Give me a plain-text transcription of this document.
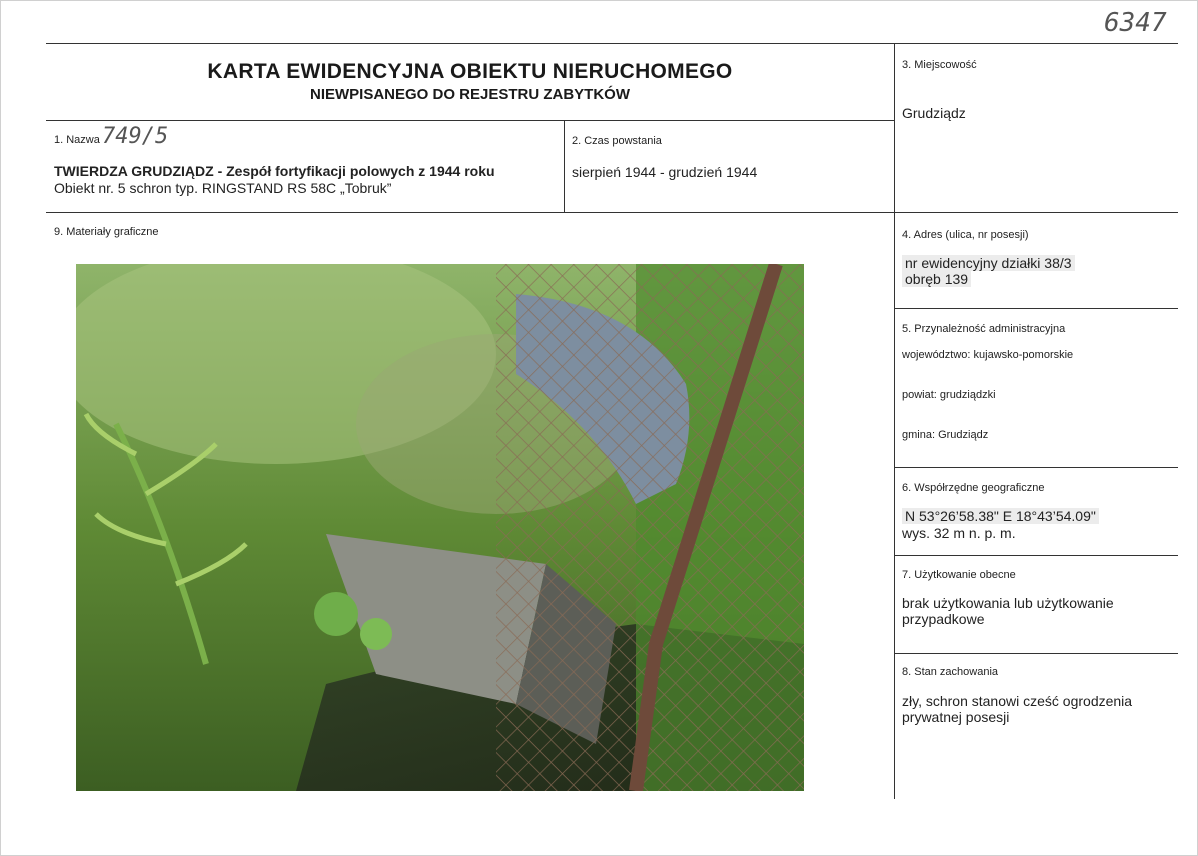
6347
KARTA EWIDENCYJNA OBIEKTU NIERUCHOMEGO
NIEWPISANEGO DO REJESTRU ZABYTKÓW
1. Nazwa 749/5
TWIERDZA GRUDZIĄDZ - Zespół fortyfikacji polowych z 1944 roku
Obiekt nr. 5 schron typ. RINGSTAND RS 58C „Tobruk”
2. Czas powstania
sierpień 1944 - grudzień 1944
3. Miejscowość
Grudziądz
9. Materiały graficzne	4. Adres (ulica, nr posesji)
nr ewidencyjny działki 38/3
obręb 139
5. Przynależność administracyjna
województwo: kujawsko-pomorskie
powiat: grudziądzki
gmina: Grudziądz
6. Współrzędne geograficzne
N 53°26’58.38" E 18°43’54.09"
wys. 32 m n. p. m.
7. Użytkowanie obecne
brak użytkowania lub użytkowanie
przypadkowe
8. Stan zachowania
zły, schron stanowi cześć ogrodzenia
prywatnej posesji
